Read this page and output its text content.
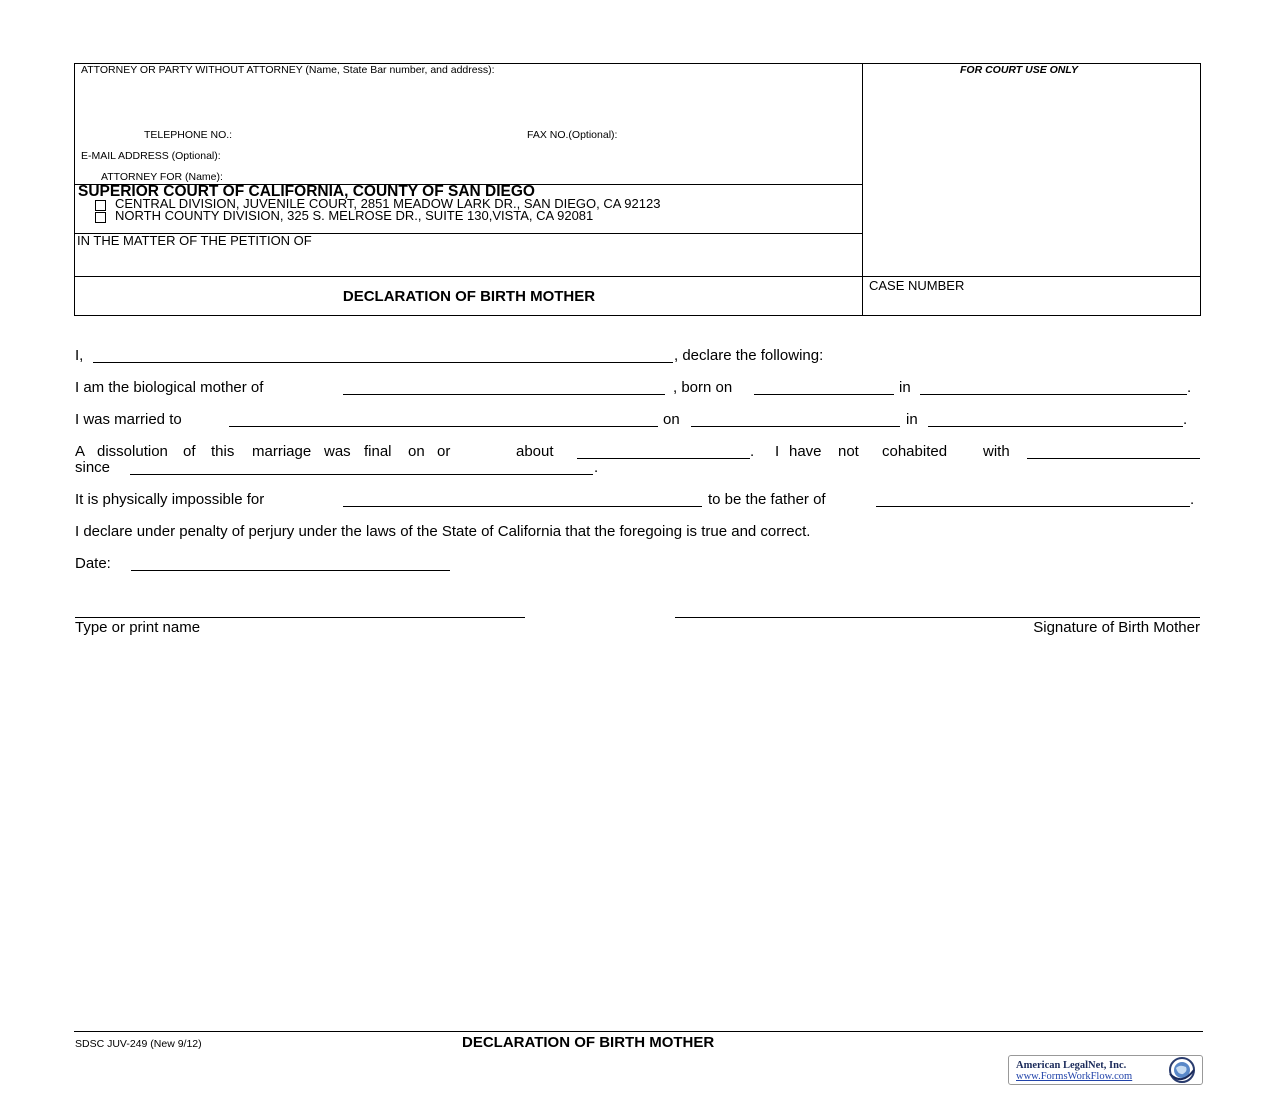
ATTORNEY OR PARTY WITHOUT ATTORNEY (Name, State Bar number, and address):
TELEPHONE NO.:	FAX NO.(Optional):
E-MAIL ADDRESS (Optional):
ATTORNEY FOR (Name):
FOR COURT USE ONLY
SUPERIOR COURT OF CALIFORNIA, COUNTY OF SAN DIEGO
CENTRAL DIVISION, JUVENILE COURT, 2851 MEADOW LARK DR., SAN DIEGO, CA 92123
NORTH COUNTY DIVISION, 325 S. MELROSE DR., SUITE 130,VISTA, CA 92081
IN THE MATTER OF THE PETITION OF
DECLARATION OF BIRTH MOTHER
CASE NUMBER
I,	, declare the following:
I am the biological mother of	, born on	in	.
I was married to	on	in	.
A dissolution of this marriage was final on or	about	. I have not cohabited with
since	.
It is physically impossible for	to be the father of	.
I declare under penalty of perjury under the laws of the State of California that the foregoing is true and correct.
Date:
Type or print name	Signature of Birth Mother
SDSC JUV-249 (New 9/12)	DECLARATION OF BIRTH MOTHER
American LegalNet, Inc.
www.FormsWorkFlow.com
